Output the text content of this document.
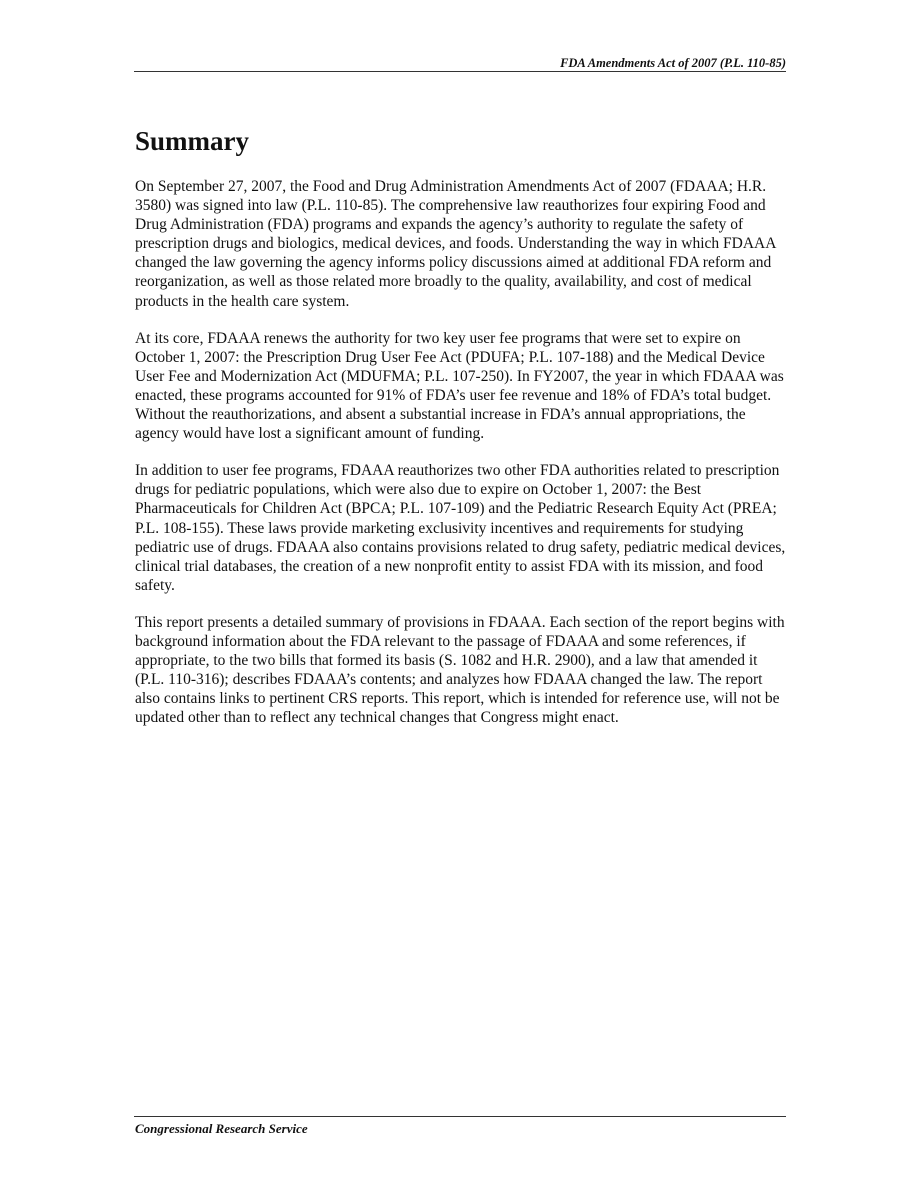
FDA Amendments Act of 2007 (P.L. 110-85)
Summary

On September 27, 2007, the Food and Drug Administration Amendments Act of 2007 (FDAAA; H.R. 3580) was signed into law (P.L. 110-85). The comprehensive law reauthorizes four expiring Food and Drug Administration (FDA) programs and expands the agency’s authority to regulate the safety of prescription drugs and biologics, medical devices, and foods. Understanding the way in which FDAAA changed the law governing the agency informs policy discussions aimed at additional FDA reform and reorganization, as well as those related more broadly to the quality, availability, and cost of medical products in the health care system.

At its core, FDAAA renews the authority for two key user fee programs that were set to expire on October 1, 2007: the Prescription Drug User Fee Act (PDUFA; P.L. 107-188) and the Medical Device User Fee and Modernization Act (MDUFMA; P.L. 107-250). In FY2007, the year in which FDAAA was enacted, these programs accounted for 91% of FDA’s user fee revenue and 18% of FDA’s total budget. Without the reauthorizations, and absent a substantial increase in FDA’s annual appropriations, the agency would have lost a significant amount of funding.

In addition to user fee programs, FDAAA reauthorizes two other FDA authorities related to prescription drugs for pediatric populations, which were also due to expire on October 1, 2007: the Best Pharmaceuticals for Children Act (BPCA; P.L. 107-109) and the Pediatric Research Equity Act (PREA; P.L. 108-155). These laws provide marketing exclusivity incentives and requirements for studying pediatric use of drugs. FDAAA also contains provisions related to drug safety, pediatric medical devices, clinical trial databases, the creation of a new nonprofit entity to assist FDA with its mission, and food safety.

This report presents a detailed summary of provisions in FDAAA. Each section of the report begins with background information about the FDA relevant to the passage of FDAAA and some references, if appropriate, to the two bills that formed its basis (S. 1082 and H.R. 2900), and a law that amended it (P.L. 110-316); describes FDAAA’s contents; and analyzes how FDAAA changed the law. The report also contains links to pertinent CRS reports. This report, which is intended for reference use, will not be updated other than to reflect any technical changes that Congress might enact.

Congressional Research Service
